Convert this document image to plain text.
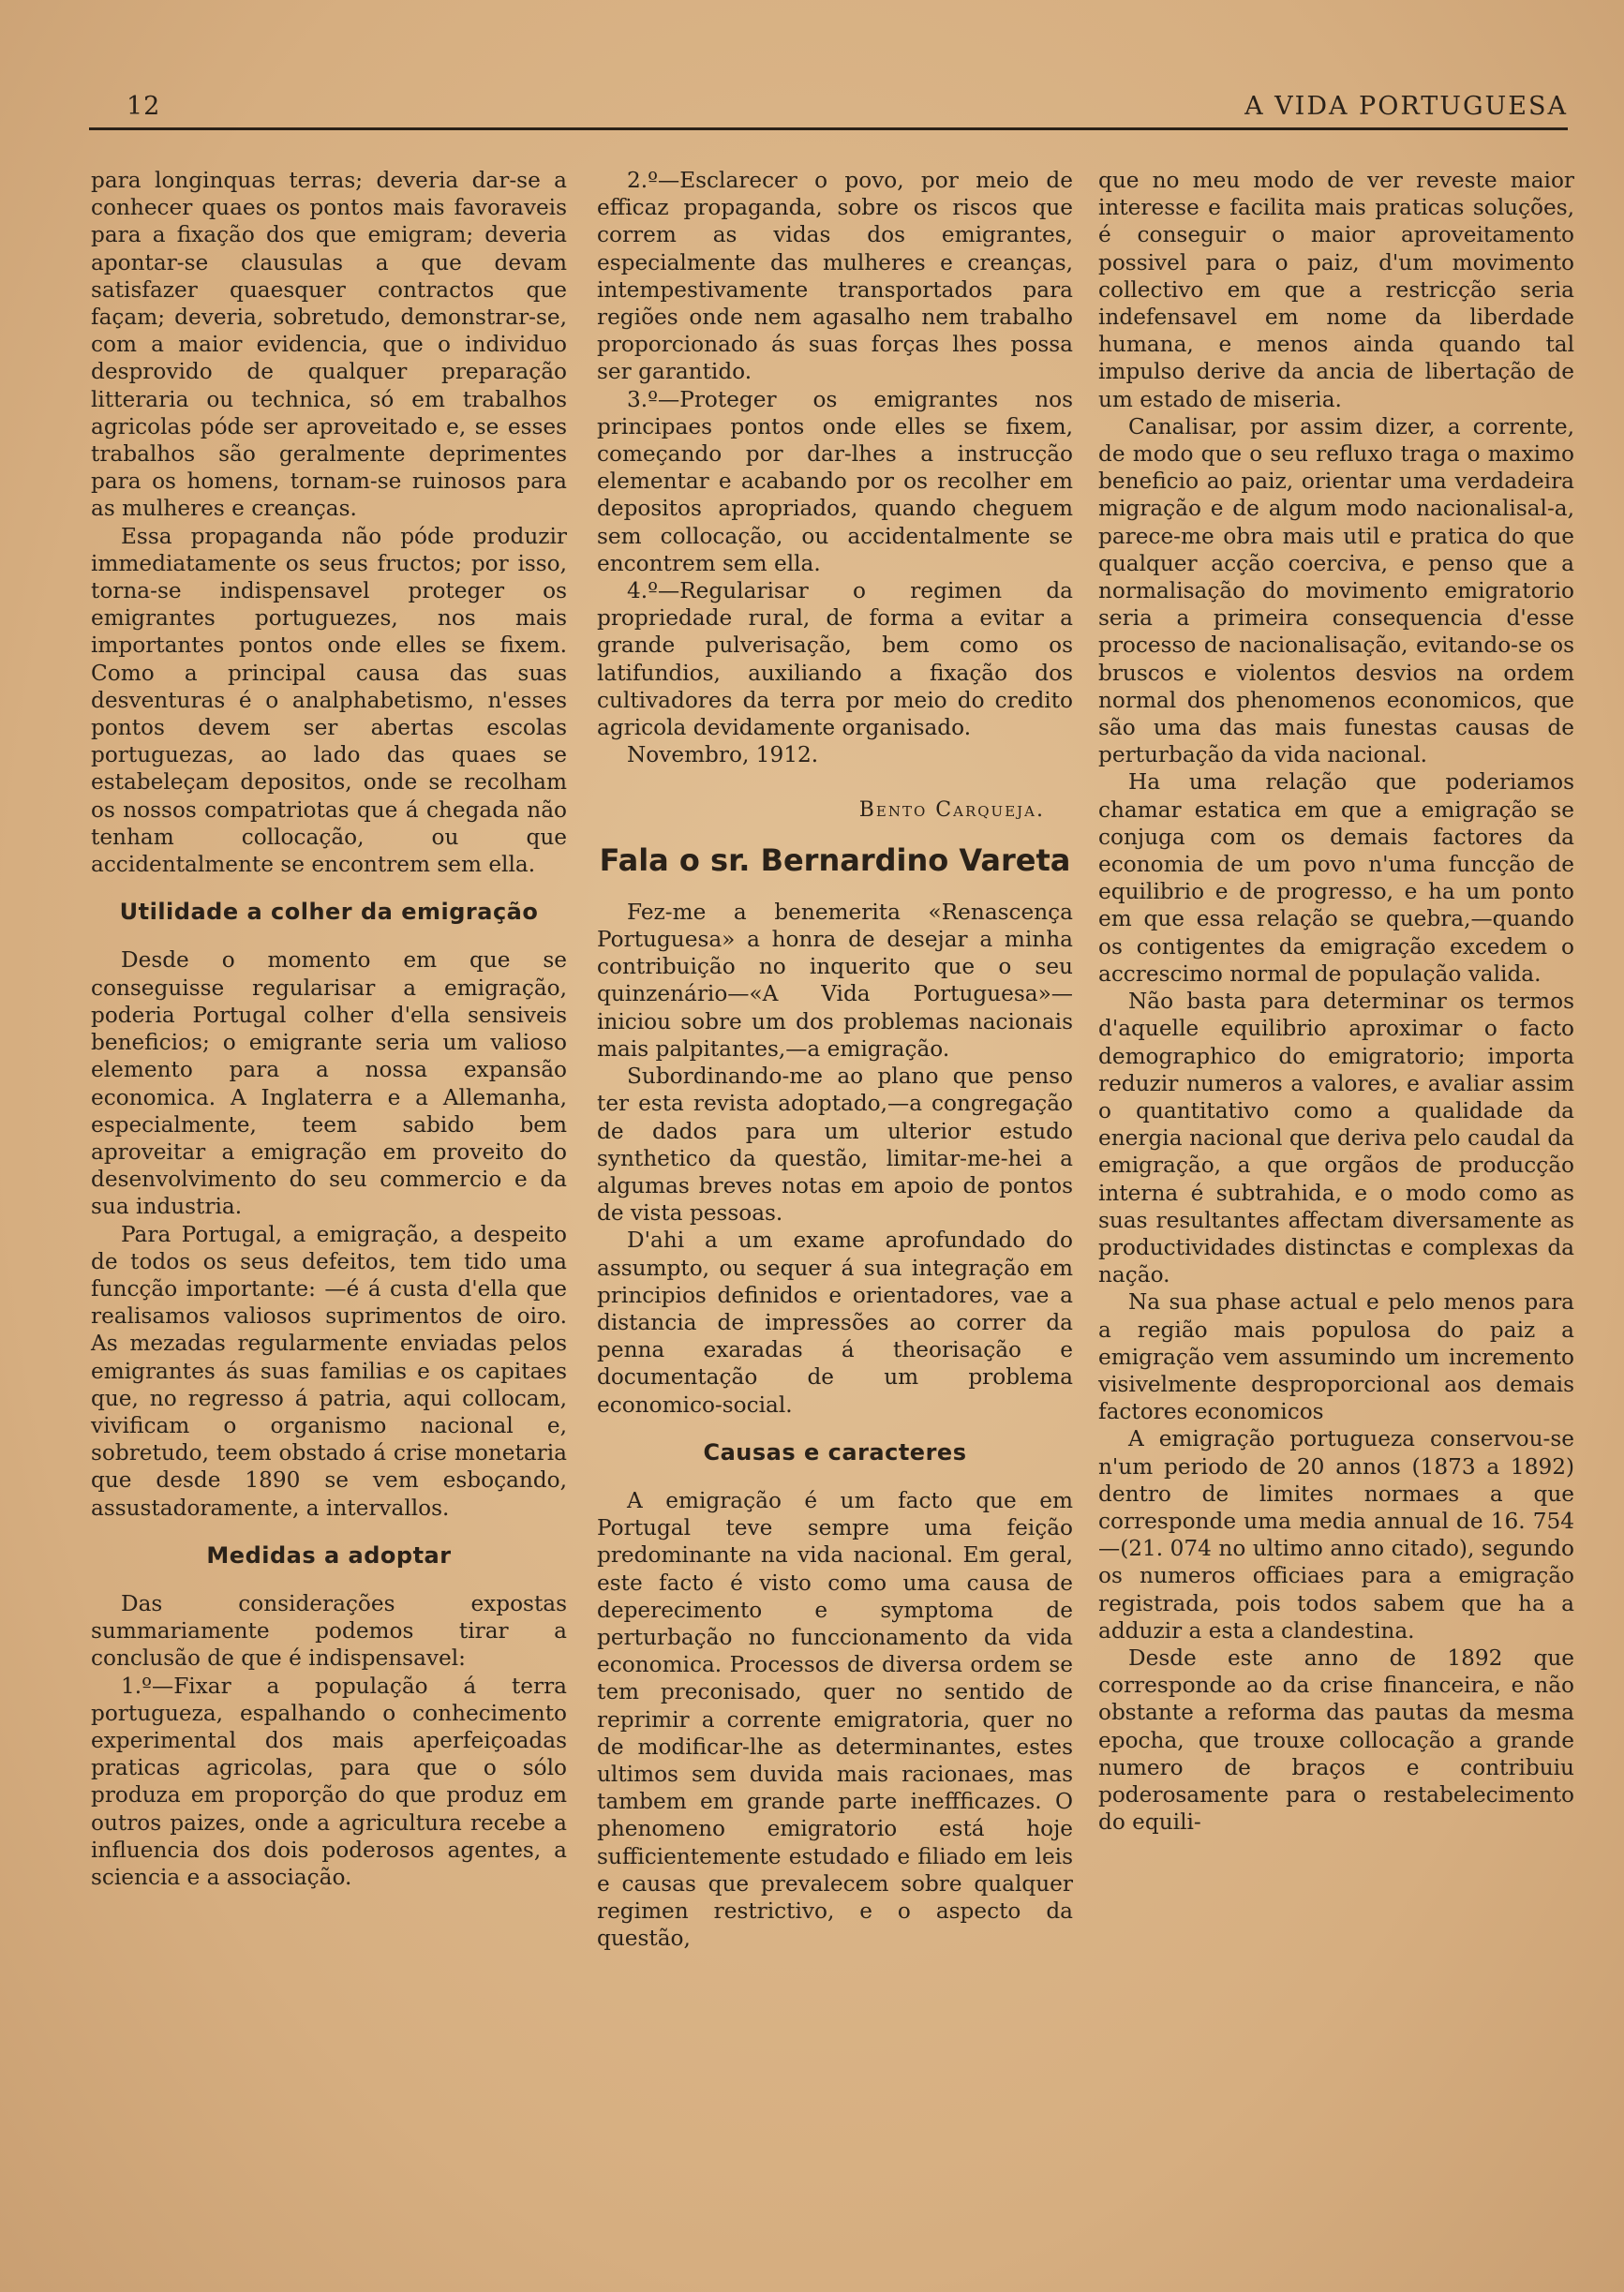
12	A VIDA PORTUGUESA

para longinquas terras; deveria dar-se a conhecer quaes os pontos mais favoraveis para a fixação dos que emigram; deveria apontar-se clausulas a que devam satisfazer quaesquer contractos que façam; deveria, sobretudo, demonstrar-se, com a maior evidencia, que o individuo desprovido de qualquer preparação litteraria ou technica, só em trabalhos agricolas póde ser aproveitado e, se esses trabalhos são geralmente deprimentes para os homens, tornam-se ruinosos para as mulheres e creanças.

Essa propaganda não póde produzir immediatamente os seus fructos; por isso, torna-se indispensavel proteger os emigrantes portuguezes, nos mais importantes pontos onde elles se fixem. Como a principal causa das suas desventuras é o analphabetismo, n'esses pontos devem ser abertas escolas portuguezas, ao lado das quaes se estabeleçam depositos, onde se recolham os nossos compatriotas que á chegada não tenham collocação, ou que accidentalmente se encontrem sem ella.

Utilidade a colher da emigração

Desde o momento em que se conseguisse regularisar a emigração, poderia Portugal colher d'ella sensiveis beneficios; o emigrante seria um valioso elemento para a nossa expansão economica. A Inglaterra e a Allemanha, especialmente, teem sabido bem aproveitar a emigração em proveito do desenvolvimento do seu commercio e da sua industria.

Para Portugal, a emigração, a despeito de todos os seus defeitos, tem tido uma funcção importante: —é á custa d'ella que realisamos valiosos suprimentos de oiro. As mezadas regularmente enviadas pelos emigrantes ás suas familias e os capitaes que, no regresso á patria, aqui collocam, vivificam o organismo nacional e, sobretudo, teem obstado á crise monetaria que desde 1890 se vem esboçando, assustadoramente, a intervallos.

Medidas a adoptar

Das considerações expostas summariamente podemos tirar a conclusão de que é indispensavel:

1.º—Fixar a população á terra portugueza, espalhando o conhecimento experimental dos mais aperfeiçoadas praticas agricolas, para que o sólo produza em proporção do que produz em outros paizes, onde a agricultura recebe a influencia dos dois poderosos agentes, a sciencia e a associação.

2.º—Esclarecer o povo, por meio de efficaz propaganda, sobre os riscos que correm as vidas dos emigrantes, especialmente das mulheres e creanças, intempestivamente transportados para regiões onde nem agasalho nem trabalho proporcionado ás suas forças lhes possa ser garantido.

3.º—Proteger os emigrantes nos principaes pontos onde elles se fixem, começando por dar-lhes a instrucção elementar e acabando por os recolher em depositos apropriados, quando cheguem sem collocação, ou accidentalmente se encontrem sem ella.

4.º—Regularisar o regimen da propriedade rural, de forma a evitar a grande pulverisação, bem como os latifundios, auxiliando a fixação dos cultivadores da terra por meio do credito agricola devidamente organisado.

Novembro, 1912.

Bento Carqueja.
Fala o sr. Bernardino Vareta

Fez-me a benemerita «Renascença Portuguesa» a honra de desejar a minha contribuição no inquerito que o seu quinzenário—«A Vida Portuguesa»—iniciou sobre um dos problemas nacionais mais palpitantes,—a emigração.

Subordinando-me ao plano que penso ter esta revista adoptado,—a congregação de dados para um ulterior estudo synthetico da questão, limitar-me-hei a algumas breves notas em apoio de pontos de vista pessoas.

D'ahi a um exame aprofundado do assumpto, ou sequer á sua integração em principios definidos e orientadores, vae a distancia de impressões ao correr da penna exaradas á theorisação e documentação de um problema economico-social.

Causas e caracteres

A emigração é um facto que em Portugal teve sempre uma feição predominante na vida nacional. Em geral, este facto é visto como uma causa de deperecimento e symptoma de perturbação no funccionamento da vida economica. Processos de diversa ordem se tem preconisado, quer no sentido de reprimir a corrente emigratoria, quer no de modificar-lhe as determinantes, estes ultimos sem duvida mais racionaes, mas tambem em grande parte ineffficazes. O phenomeno emigratorio está hoje sufficientemente estudado e filiado em leis e causas que prevalecem sobre qualquer regimen restrictivo, e o aspecto da questão,

que no meu modo de ver reveste maior interesse e facilita mais praticas soluções, é conseguir o maior aproveitamento possivel para o paiz, d'um movimento collectivo em que a restricção seria indefensavel em nome da liberdade humana, e menos ainda quando tal impulso derive da ancia de libertação de um estado de miseria.

Canalisar, por assim dizer, a corrente, de modo que o seu refluxo traga o maximo beneficio ao paiz, orientar uma verdadeira migração e de algum modo nacionalisal-a, parece-me obra mais util e pratica do que qualquer acção coerciva, e penso que a normalisação do movimento emigratorio seria a primeira consequencia d'esse processo de nacionalisação, evitando-se os bruscos e violentos desvios na ordem normal dos phenomenos economicos, que são uma das mais funestas causas de perturbação da vida nacional.

Ha uma relação que poderiamos chamar estatica em que a emigração se conjuga com os demais factores da economia de um povo n'uma funcção de equilibrio e de progresso, e ha um ponto em que essa relação se quebra,—quando os contigentes da emigração excedem o accrescimo normal de população valida.

Não basta para determinar os termos d'aquelle equilibrio aproximar o facto demographico do emigratorio; importa reduzir numeros a valores, e avaliar assim o quantitativo como a qualidade da energia nacional que deriva pelo caudal da emigração, a que orgãos de producção interna é subtrahida, e o modo como as suas resultantes affectam diversamente as productividades distinctas e complexas da nação.

Na sua phase actual e pelo menos para a região mais populosa do paiz a emigração vem assumindo um incremento visivelmente desproporcional aos demais factores economicos

A emigração portugueza conservou-se n'um periodo de 20 annos (1873 a 1892) dentro de limites normaes a que corresponde uma media annual de 16. 754—(21. 074 no ultimo anno citado), segundo os numeros officiaes para a emigração registrada, pois todos sabem que ha a adduzir a esta a clandestina.

Desde este anno de 1892 que corresponde ao da crise financeira, e não obstante a reforma das pautas da mesma epocha, que trouxe collocação a grande numero de braços e contribuiu poderosamente para o restabelecimento do equili-
